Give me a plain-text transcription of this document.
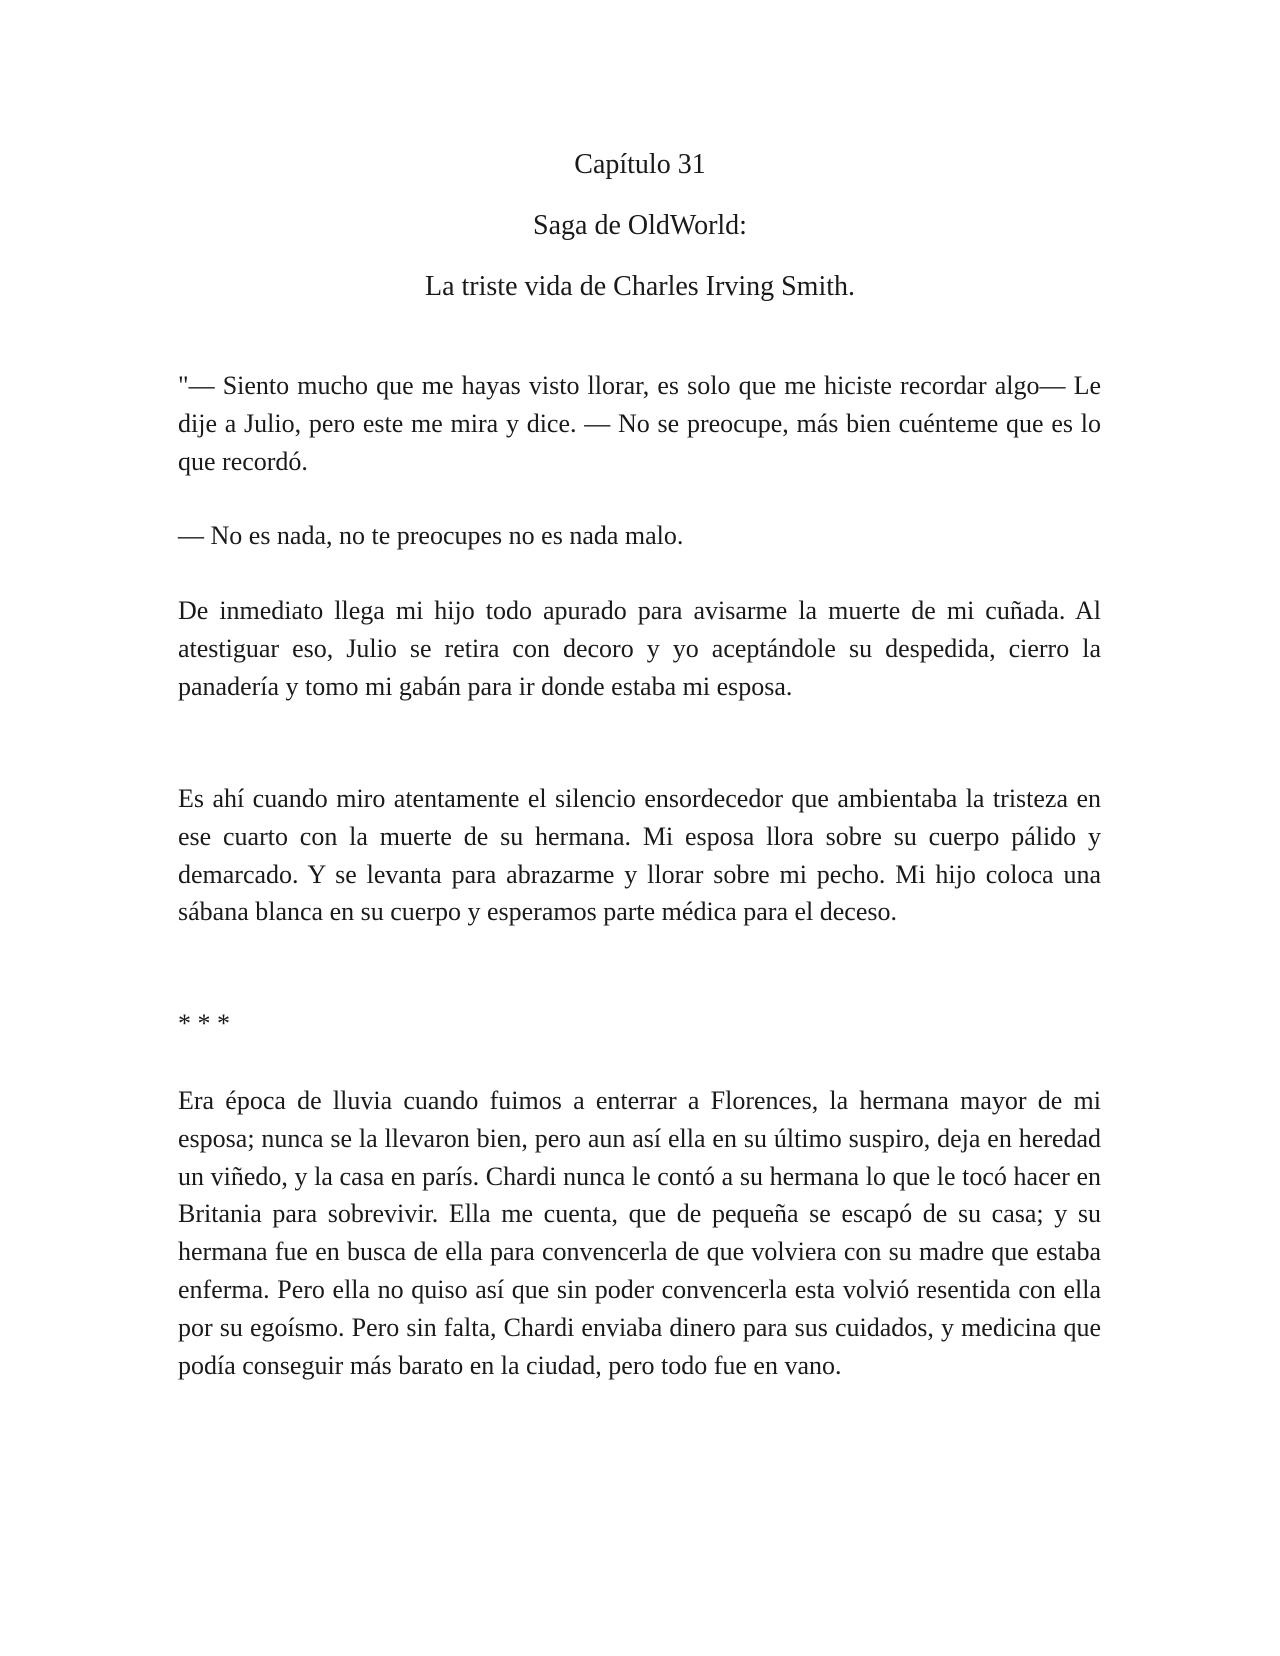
Capítulo 31
Saga de OldWorld:
La triste vida de Charles Irving Smith.

"— Siento mucho que me hayas visto llorar, es solo que me hiciste recordar algo— Le dije a Julio, pero este me mira y dice. — No se preocupe, más bien cuénteme que es lo que recordó.

— No es nada, no te preocupes no es nada malo.

De inmediato llega mi hijo todo apurado para avisarme la muerte de mi cuñada. Al atestiguar eso, Julio se retira con decoro y yo aceptándole su despedida, cierro la panadería y tomo mi gabán para ir donde estaba mi esposa.

Es ahí cuando miro atentamente el silencio ensordecedor que ambientaba la tristeza en ese cuarto con la muerte de su hermana. Mi esposa llora sobre su cuerpo pálido y demarcado. Y se levanta para abrazarme y llorar sobre mi pecho. Mi hijo coloca una sábana blanca en su cuerpo y esperamos parte médica para el deceso.

* * *

Era época de lluvia cuando fuimos a enterrar a Florences, la hermana mayor de mi esposa; nunca se la llevaron bien, pero aun así ella en su último suspiro, deja en heredad un viñedo, y la casa en parís. Chardi nunca le contó a su hermana lo que le tocó hacer en Britania para sobrevivir. Ella me cuenta, que de pequeña se escapó de su casa; y su hermana fue en busca de ella para convencerla de que volviera con su madre que estaba enferma. Pero ella no quiso así que sin poder convencerla esta volvió resentida con ella por su egoísmo. Pero sin falta, Chardi enviaba dinero para sus cuidados, y medicina que podía conseguir más barato en la ciudad, pero todo fue en vano.
